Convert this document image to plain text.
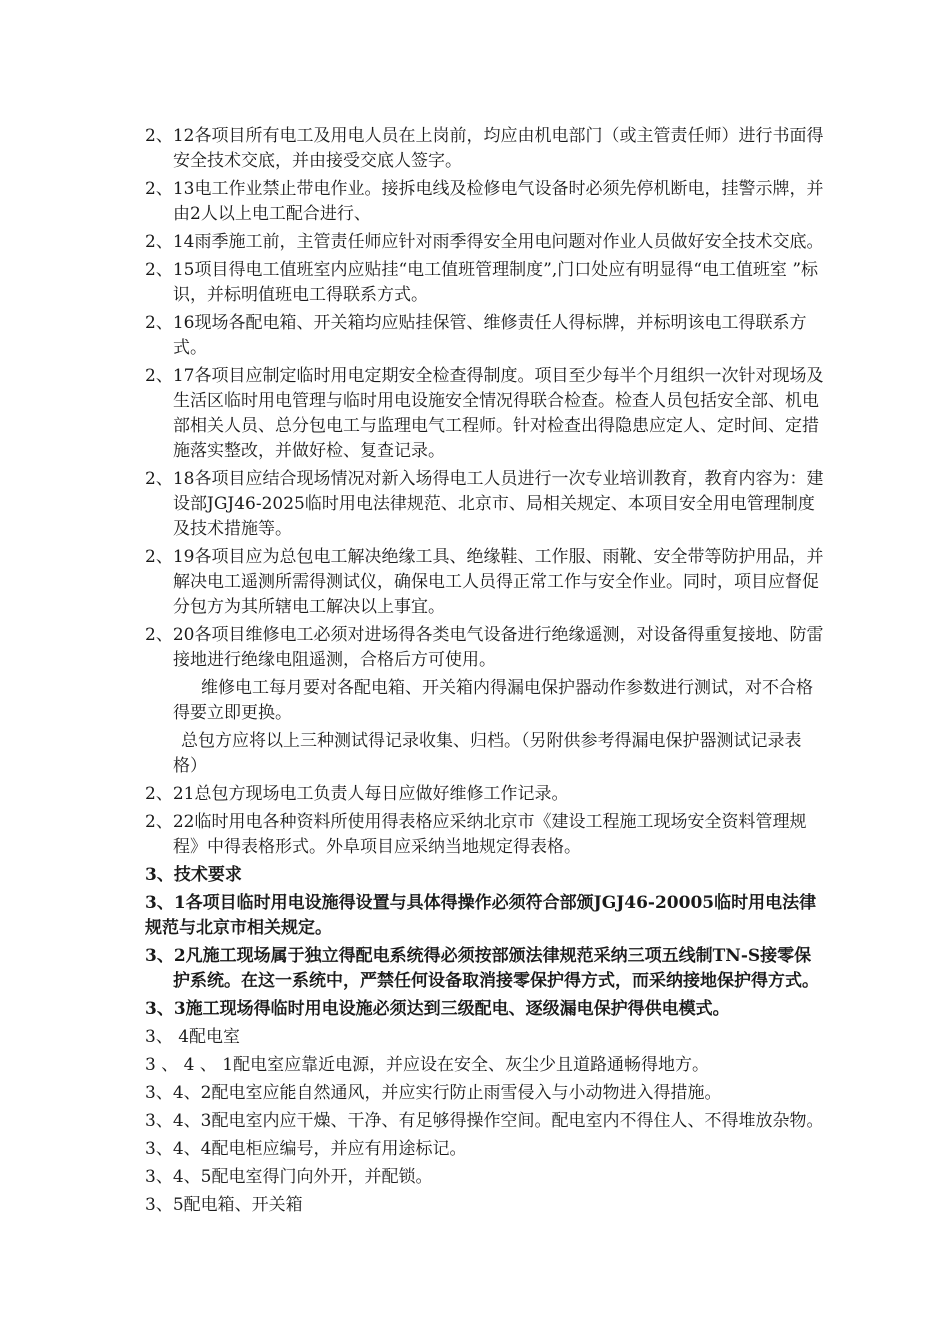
2、12各项目所有电工及用电人员在上岗前，均应由机电部门（或主管责任师）进行书面得安全技术交底，并由接受交底人签字。

2、13电工作业禁止带电作业。接拆电线及检修电气设备时必须先停机断电，挂警示牌，并由2人以上电工配合进行、

2、14雨季施工前，主管责任师应针对雨季得安全用电问题对作业人员做好安全技术交底。

2、15项目得电工值班室内应贴挂“电工值班管理制度”,门口处应有明显得“电工值班室 ”标识，并标明值班电工得联系方式。

2、16现场各配电箱、开关箱均应贴挂保管、维修责任人得标牌，并标明该电工得联系方式。

2、17各项目应制定临时用电定期安全检查得制度。项目至少每半个月组织一次针对现场及生活区临时用电管理与临时用电设施安全情况得联合检查。检查人员包括安全部、机电部相关人员、总分包电工与监理电气工程师。针对检查出得隐患应定人、定时间、定措施落实整改，并做好检、复查记录。

2、18各项目应结合现场情况对新入场得电工人员进行一次专业培训教育，教育内容为：建设部JGJ46-2025临时用电法律规范、北京市、局相关规定、本项目安全用电管理制度及技术措施等。

2、19各项目应为总包电工解决绝缘工具、绝缘鞋、工作服、雨靴、安全带等防护用品，并解决电工遥测所需得测试仪，确保电工人员得正常工作与安全作业。同时，项目应督促分包方为其所辖电工解决以上事宜。

2、20各项目维修电工必须对进场得各类电气设备进行绝缘遥测，对设备得重复接地、防雷接地进行绝缘电阻遥测，合格后方可使用。

维修电工每月要对各配电箱、开关箱内得漏电保护器动作参数进行测试，对不合格得要立即更换。

总包方应将以上三种测试得记录收集、归档。（另附供参考得漏电保护器测试记录表格）

2、21总包方现场电工负责人每日应做好维修工作记录。

2、22临时用电各种资料所使用得表格应采纳北京市《建设工程施工现场安全资料管理规程》中得表格形式。外阜项目应采纳当地规定得表格。

3、技术要求

3、1各项目临时用电设施得设置与具体得操作必须符合部颁JGJ46-20005临时用电法律规范与北京市相关规定。

3、2凡施工现场属于独立得配电系统得必须按部颁法律规范采纳三项五线制TN-S接零保护系统。在这一系统中，严禁任何设备取消接零保护得方式，而采纳接地保护得方式。

3、3施工现场得临时用电设施必须达到三级配电、逐级漏电保护得供电模式。

3、 4配电室

3 、 4 、 1配电室应靠近电源，并应设在安全、灰尘少且道路通畅得地方。

3、4、2配电室应能自然通风，并应实行防止雨雪侵入与小动物进入得措施。

3、4、3配电室内应干燥、干净、有足够得操作空间。配电室内不得住人、不得堆放杂物。

3、4、4配电柜应编号，并应有用途标记。

3、4、5配电室得门向外开，并配锁。

3、5配电箱、开关箱
